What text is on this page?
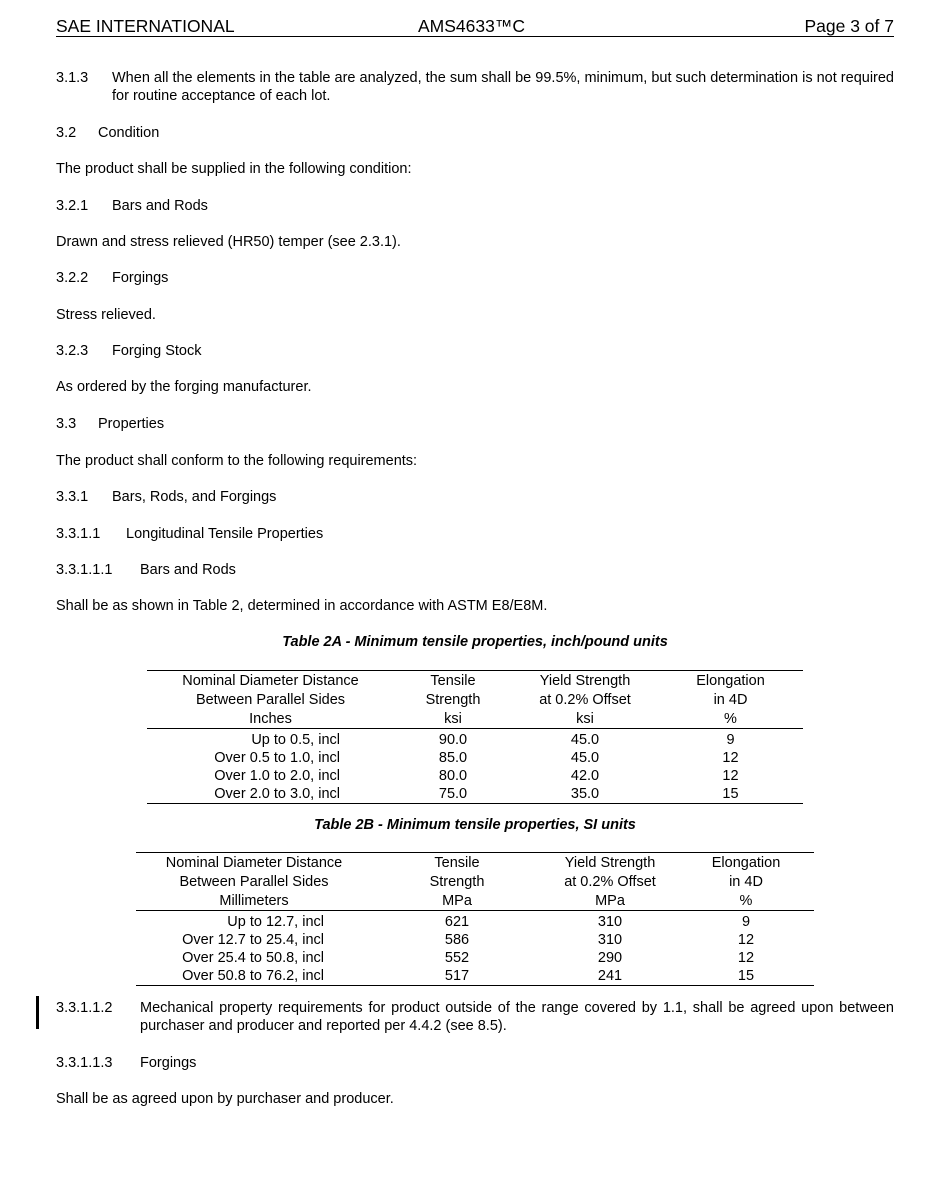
SAE INTERNATIONAL	AMS4633™C	Page 3 of 7
3.1.3 When all the elements in the table are analyzed, the sum shall be 99.5%, minimum, but such determination is not required for routine acceptance of each lot.
3.2 Condition
The product shall be supplied in the following condition:
3.2.1 Bars and Rods
Drawn and stress relieved (HR50) temper (see 2.3.1).
3.2.2 Forgings
Stress relieved.
3.2.3 Forging Stock
As ordered by the forging manufacturer.
3.3 Properties
The product shall conform to the following requirements:
3.3.1 Bars, Rods, and Forgings
3.3.1.1 Longitudinal Tensile Properties
3.3.1.1.1 Bars and Rods
Shall be as shown in Table 2, determined in accordance with ASTM E8/E8M.
Table 2A - Minimum tensile properties, inch/pound units
Nominal Diameter Distance	Tensile	Yield Strength	Elongation
Between Parallel Sides	Strength	at 0.2% Offset	in 4D
Inches	ksi	ksi	%
Up to 0.5, incl	90.0	45.0	9
Over 0.5 to 1.0, incl	85.0	45.0	12
Over 1.0 to 2.0, incl	80.0	42.0	12
Over 2.0 to 3.0, incl	75.0	35.0	15
Table 2B - Minimum tensile properties, SI units
Nominal Diameter Distance	Tensile	Yield Strength	Elongation
Between Parallel Sides	Strength	at 0.2% Offset	in 4D
Millimeters	MPa	MPa	%
Up to 12.7, incl	621	310	9
Over 12.7 to 25.4, incl	586	310	12
Over 25.4 to 50.8, incl	552	290	12
Over 50.8 to 76.2, incl	517	241	15
3.3.1.1.2 Mechanical property requirements for product outside of the range covered by 1.1, shall be agreed upon between purchaser and producer and reported per 4.4.2 (see 8.5).
3.3.1.1.3 Forgings
Shall be as agreed upon by purchaser and producer.
